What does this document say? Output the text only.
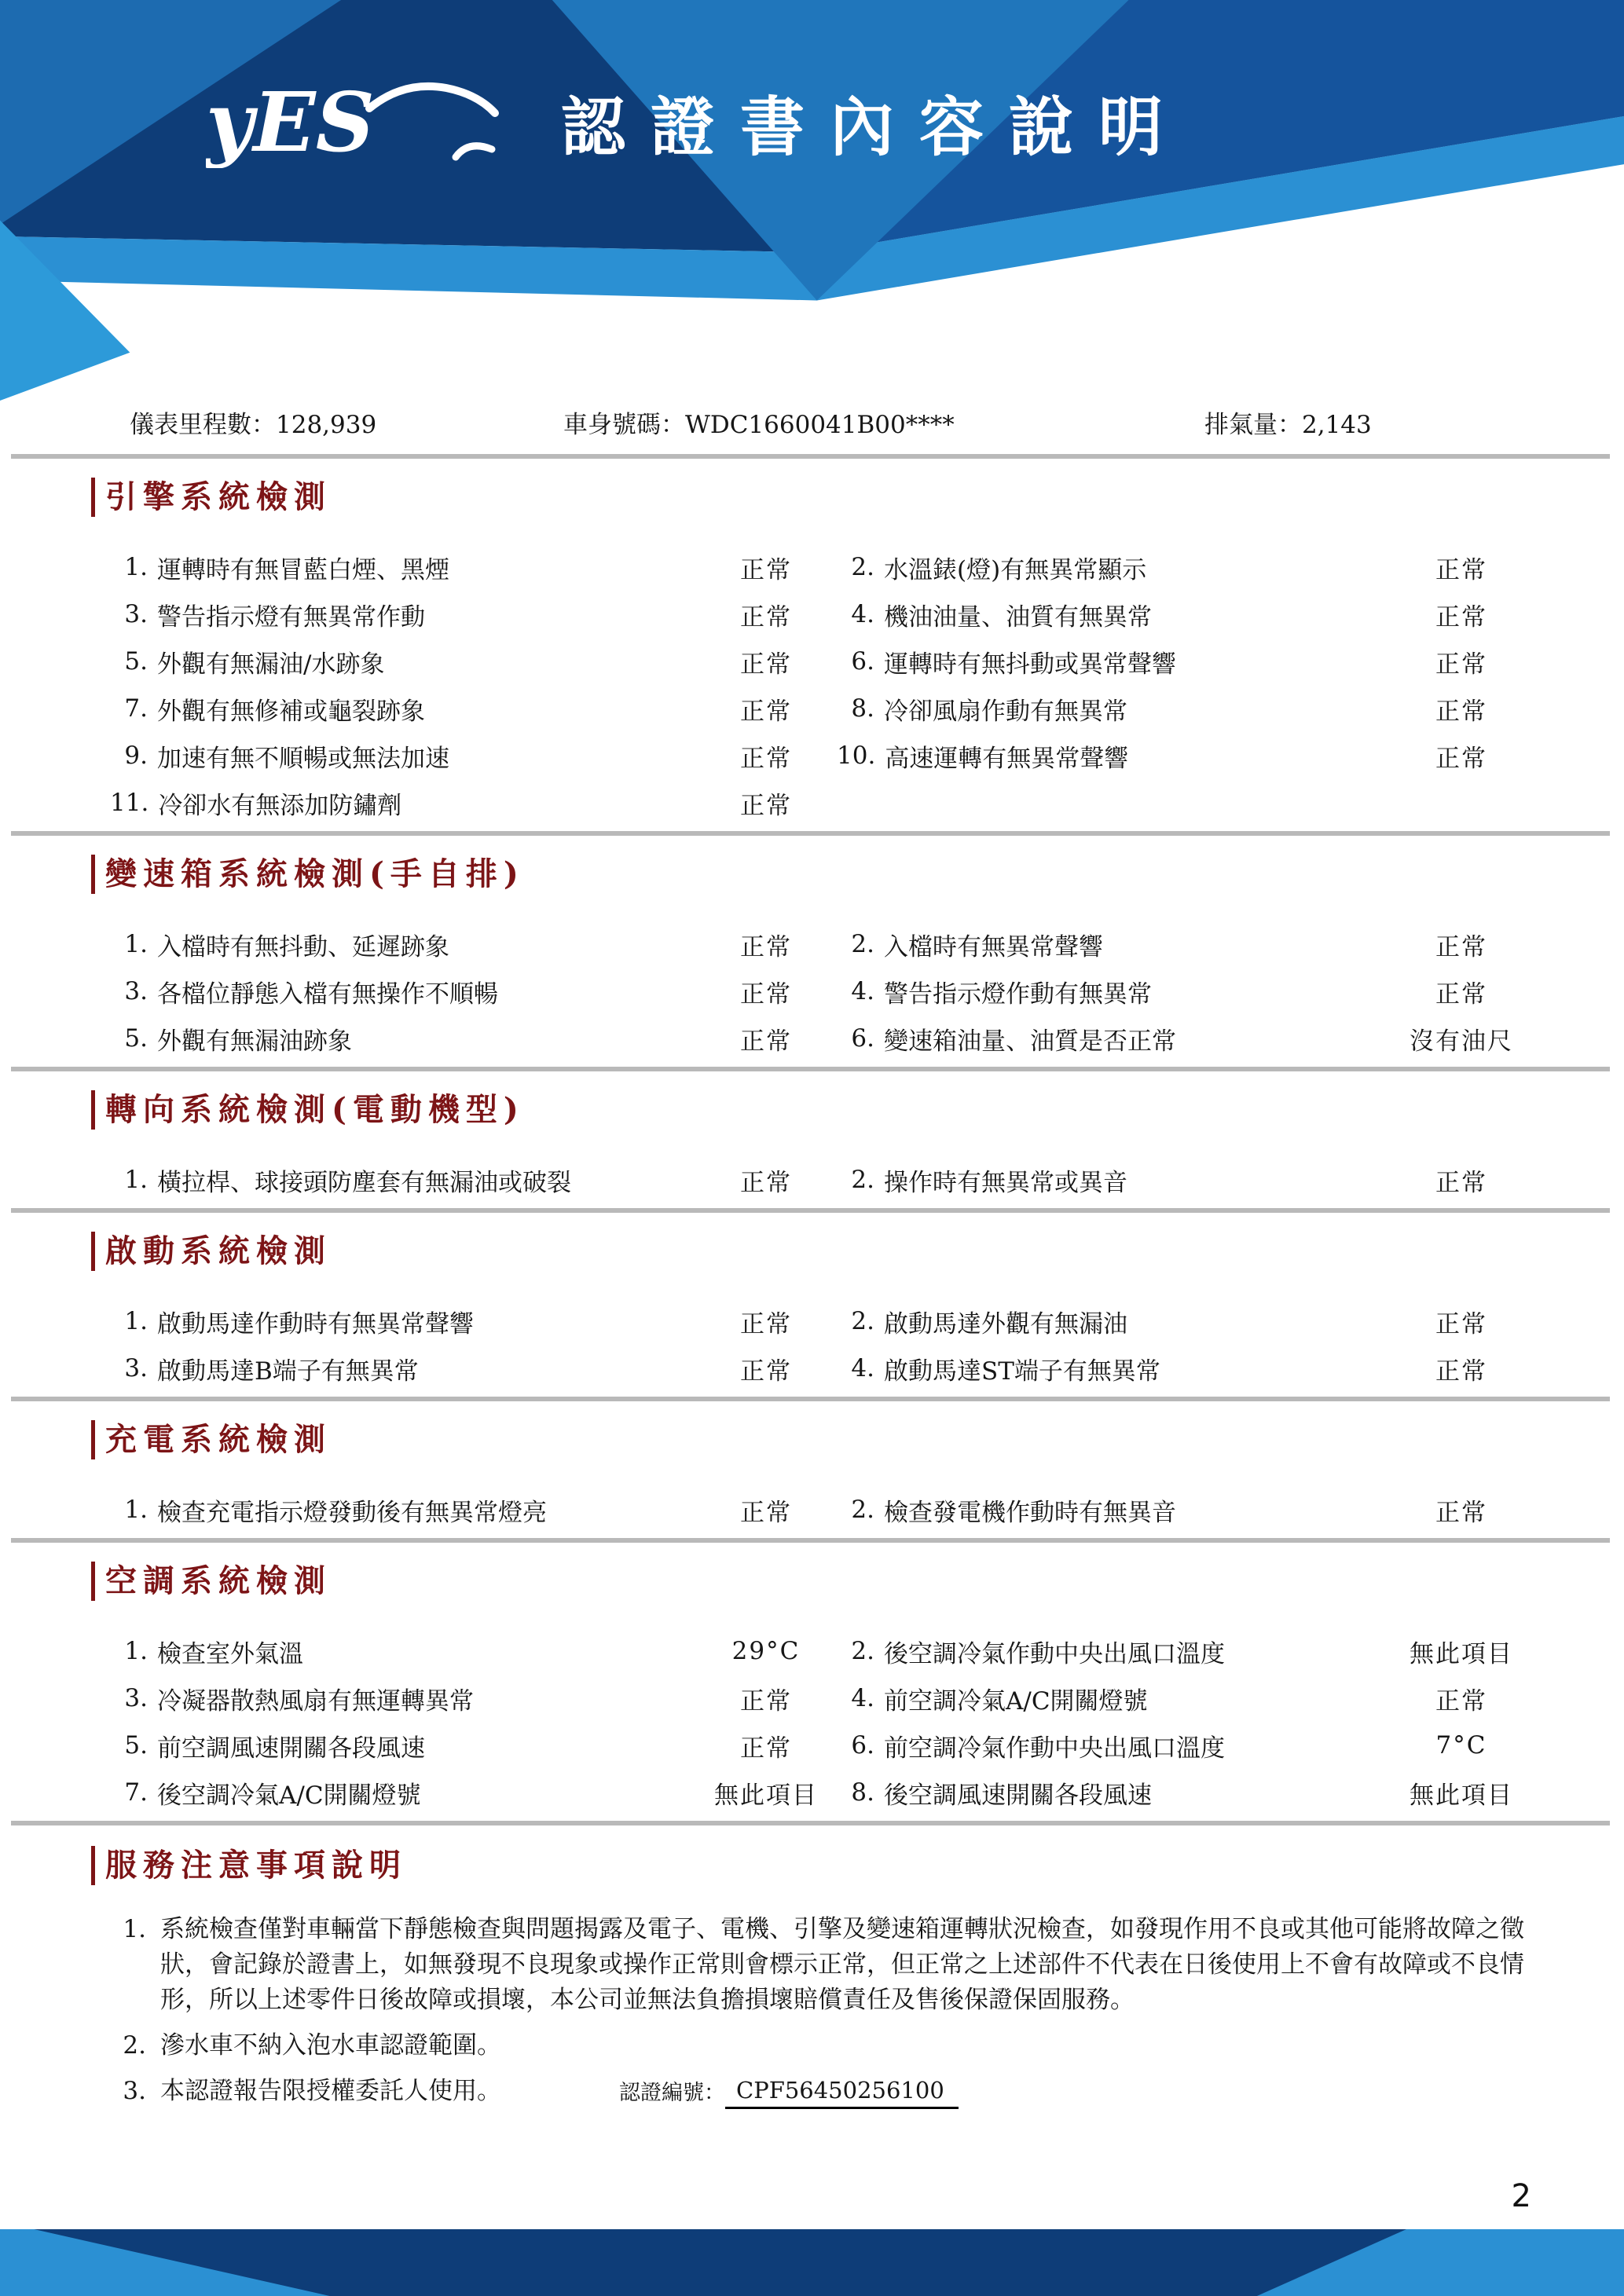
yES	認證書內容說明
儀表里程數：128,939	車身號碼：WDC1660041B00****	排氣量：2,143
引擎系統檢測
1. 運轉時有無冒藍白煙、黑煙	正常	2. 水溫錶(燈)有無異常顯示	正常
3. 警告指示燈有無異常作動	正常	4. 機油油量、油質有無異常	正常
5. 外觀有無漏油/水跡象	正常	6. 運轉時有無抖動或異常聲響	正常
7. 外觀有無修補或龜裂跡象	正常	8. 冷卻風扇作動有無異常	正常
9. 加速有無不順暢或無法加速	正常	10. 高速運轉有無異常聲響	正常
11. 冷卻水有無添加防鏽劑	正常
變速箱系統檢測(手自排)
1. 入檔時有無抖動、延遲跡象	正常	2. 入檔時有無異常聲響	正常
3. 各檔位靜態入檔有無操作不順暢	正常	4. 警告指示燈作動有無異常	正常
5. 外觀有無漏油跡象	正常	6. 變速箱油量、油質是否正常	沒有油尺
轉向系統檢測(電動機型)
1. 橫拉桿、球接頭防塵套有無漏油或破裂	正常	2. 操作時有無異常或異音	正常
啟動系統檢測
1. 啟動馬達作動時有無異常聲響	正常	2. 啟動馬達外觀有無漏油	正常
3. 啟動馬達B端子有無異常	正常	4. 啟動馬達ST端子有無異常	正常
充電系統檢測
1. 檢查充電指示燈發動後有無異常燈亮	正常	2. 檢查發電機作動時有無異音	正常
空調系統檢測
1. 檢查室外氣溫	29°C	2. 後空調冷氣作動中央出風口溫度	無此項目
3. 冷凝器散熱風扇有無運轉異常	正常	4. 前空調冷氣A/C開關燈號	正常
5. 前空調風速開關各段風速	正常	6. 前空調冷氣作動中央出風口溫度	7°C
7. 後空調冷氣A/C開關燈號	無此項目	8. 後空調風速開關各段風速	無此項目
服務注意事項說明
1. 系統檢查僅對車輛當下靜態檢查與問題揭露及電子、電機、引擎及變速箱運轉狀況檢查，如發現作用不良或其他可能將故障之徵狀，會記錄於證書上，如無發現不良現象或操作正常則會標示正常，但正常之上述部件不代表在日後使用上不會有故障或不良情形，所以上述零件日後故障或損壞，本公司並無法負擔損壞賠償責任及售後保證保固服務。
2. 滲水車不納入泡水車認證範圍。
3. 本認證報告限授權委託人使用。	認證編號： CPF56450256100
2
